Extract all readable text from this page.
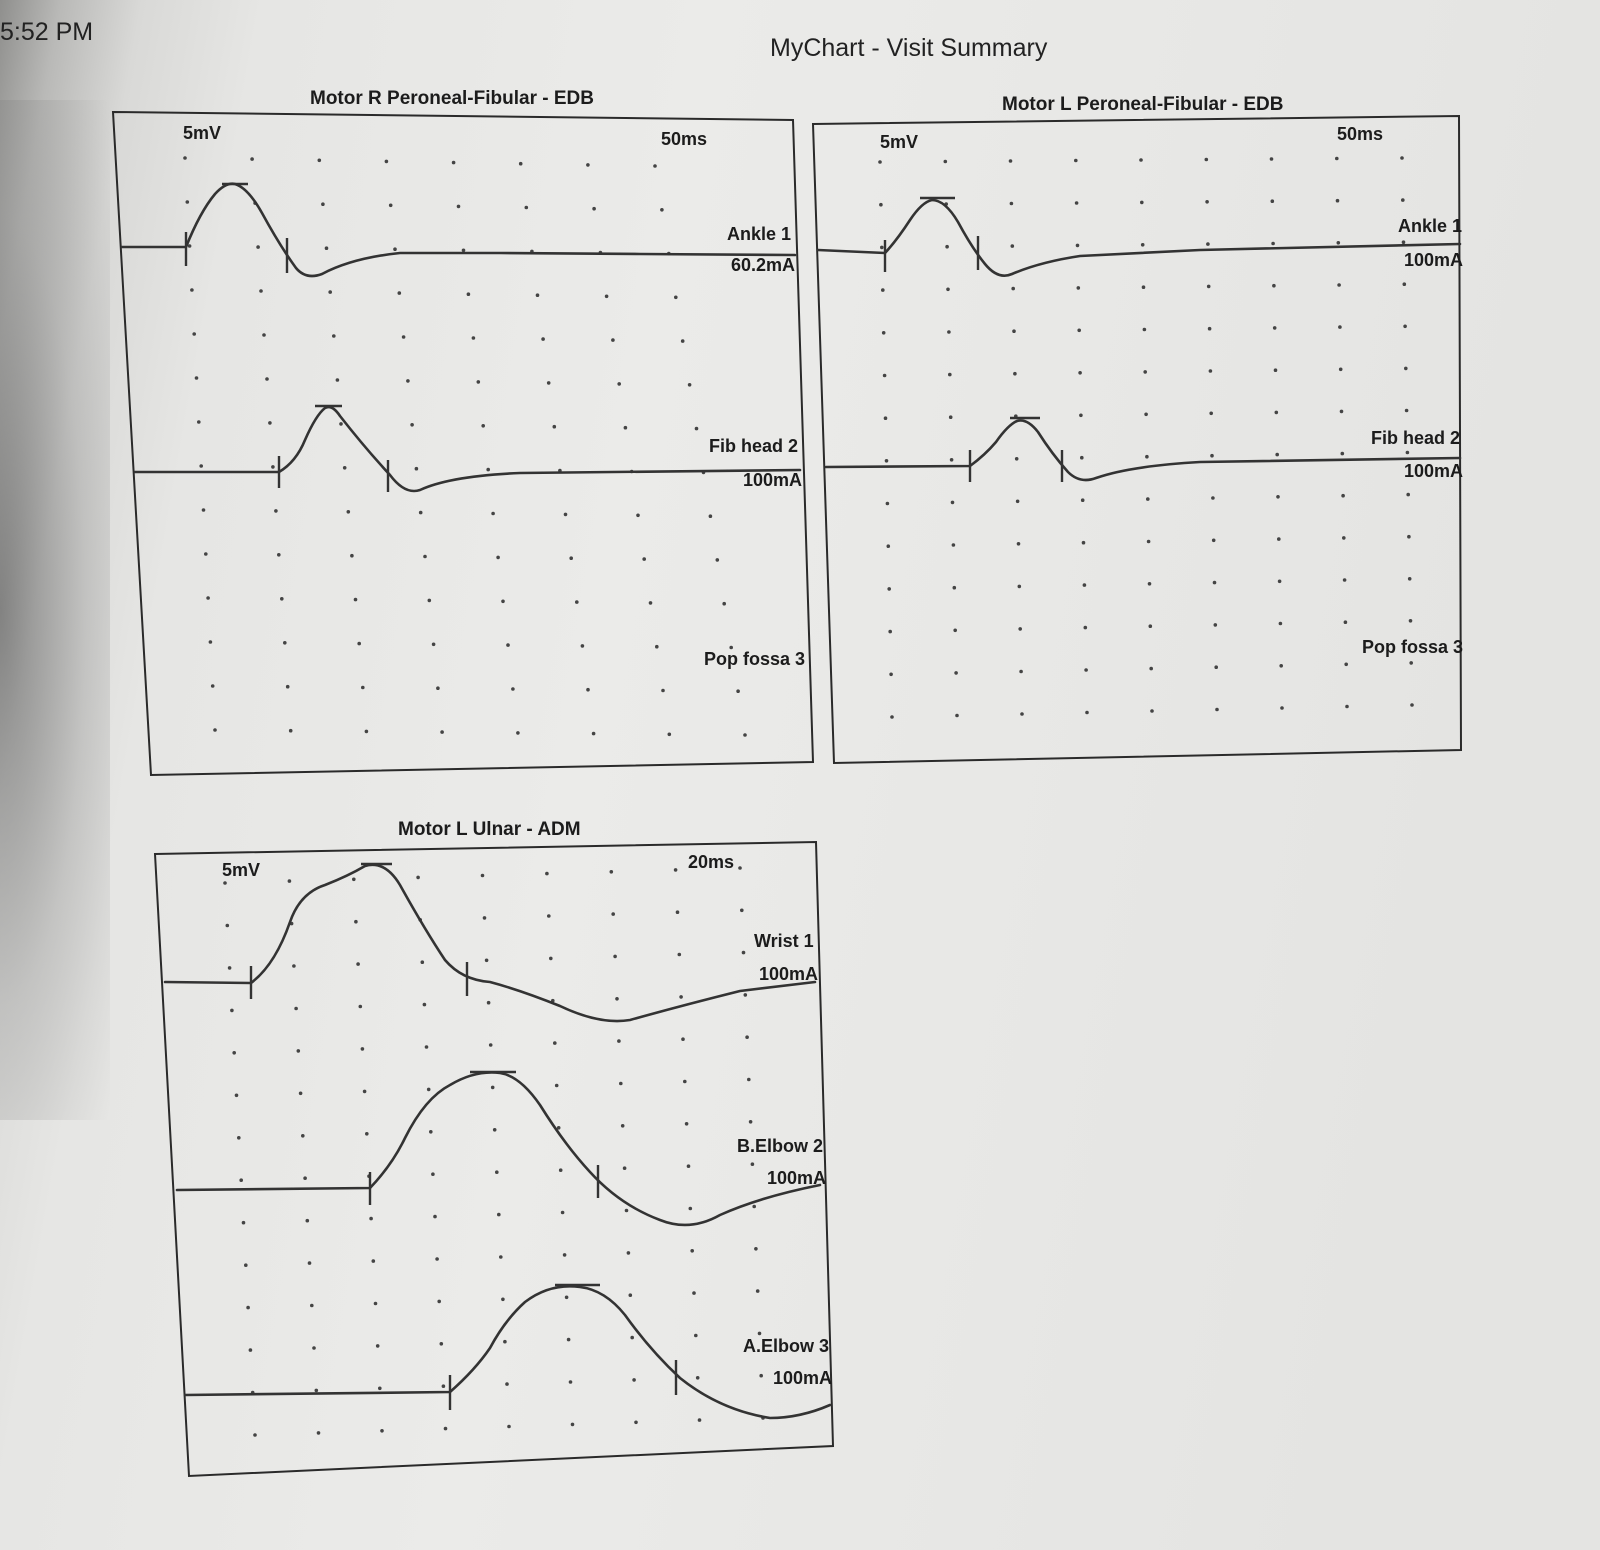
5:52 PM
MyChart - Visit Summary
Motor R Peroneal-Fibular - EDB
5mV	50ms
Ankle 1
60.2mA
Fib head 2
100mA
Pop fossa 3
Motor L Peroneal-Fibular - EDB
5mV	50ms
Ankle 1
100mA
Fib head 2
100mA
Pop fossa 3
Motor L Ulnar - ADM
5mV	20ms
Wrist 1
100mA
B.Elbow 2
100mA
A.Elbow 3
100mA
